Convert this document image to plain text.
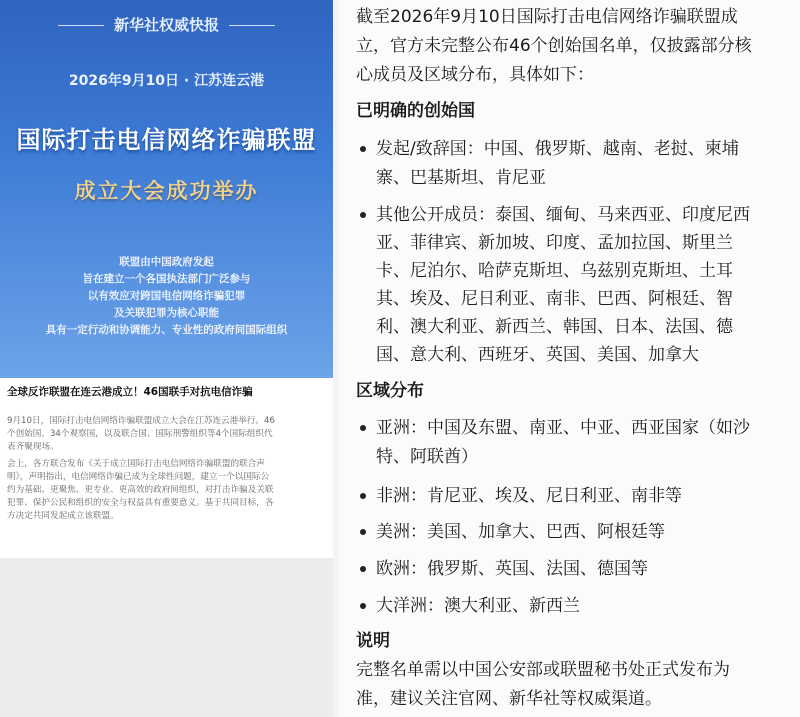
新华社权威快报
2026年9月10日 · 江苏连云港
国际打击电信网络诈骗联盟
成立大会成功举办
联盟由中国政府发起
旨在建立一个各国执法部门广泛参与
以有效应对跨国电信网络诈骗犯罪
及关联犯罪为核心职能
具有一定行动和协调能力、专业性的政府间国际组织
全球反诈联盟在连云港成立！46国联手对抗电信诈骗
9月10日，国际打击电信网络诈骗联盟成立大会在江苏连云港举行。46
个创始国、34个观察国，以及联合国、国际刑警组织等4个国际组织代
表齐聚现场。
会上，各方联合发布《关于成立国际打击电信网络诈骗联盟的联合声
明》，声明指出，电信网络诈骗已成为全球性问题，建立一个以国际公
约为基础、更聚焦、更专业、更高效的政府间组织，对打击诈骗及关联
犯罪、保护公民和组织的安全与权益具有重要意义。基于共同目标，各
方决定共同发起成立该联盟。
截至2026年9月10日国际打击电信网络诈骗联盟成
立，官方未完整公布46个创始国名单，仅披露部分核
心成员及区域分布，具体如下：
已明确的创始国
发起/致辞国：中国、俄罗斯、越南、老挝、柬埔
寨、巴基斯坦、肯尼亚
其他公开成员：泰国、缅甸、马来西亚、印度尼西
亚、菲律宾、新加坡、印度、孟加拉国、斯里兰
卡、尼泊尔、哈萨克斯坦、乌兹别克斯坦、土耳
其、埃及、尼日利亚、南非、巴西、阿根廷、智
利、澳大利亚、新西兰、韩国、日本、法国、德
国、意大利、西班牙、英国、美国、加拿大
区域分布
亚洲：中国及东盟、南亚、中亚、西亚国家（如沙
特、阿联酋）
非洲：肯尼亚、埃及、尼日利亚、南非等
美洲：美国、加拿大、巴西、阿根廷等
欧洲：俄罗斯、英国、法国、德国等
大洋洲：澳大利亚、新西兰
说明
完整名单需以中国公安部或联盟秘书处正式发布为
准，建议关注官网、新华社等权威渠道。
